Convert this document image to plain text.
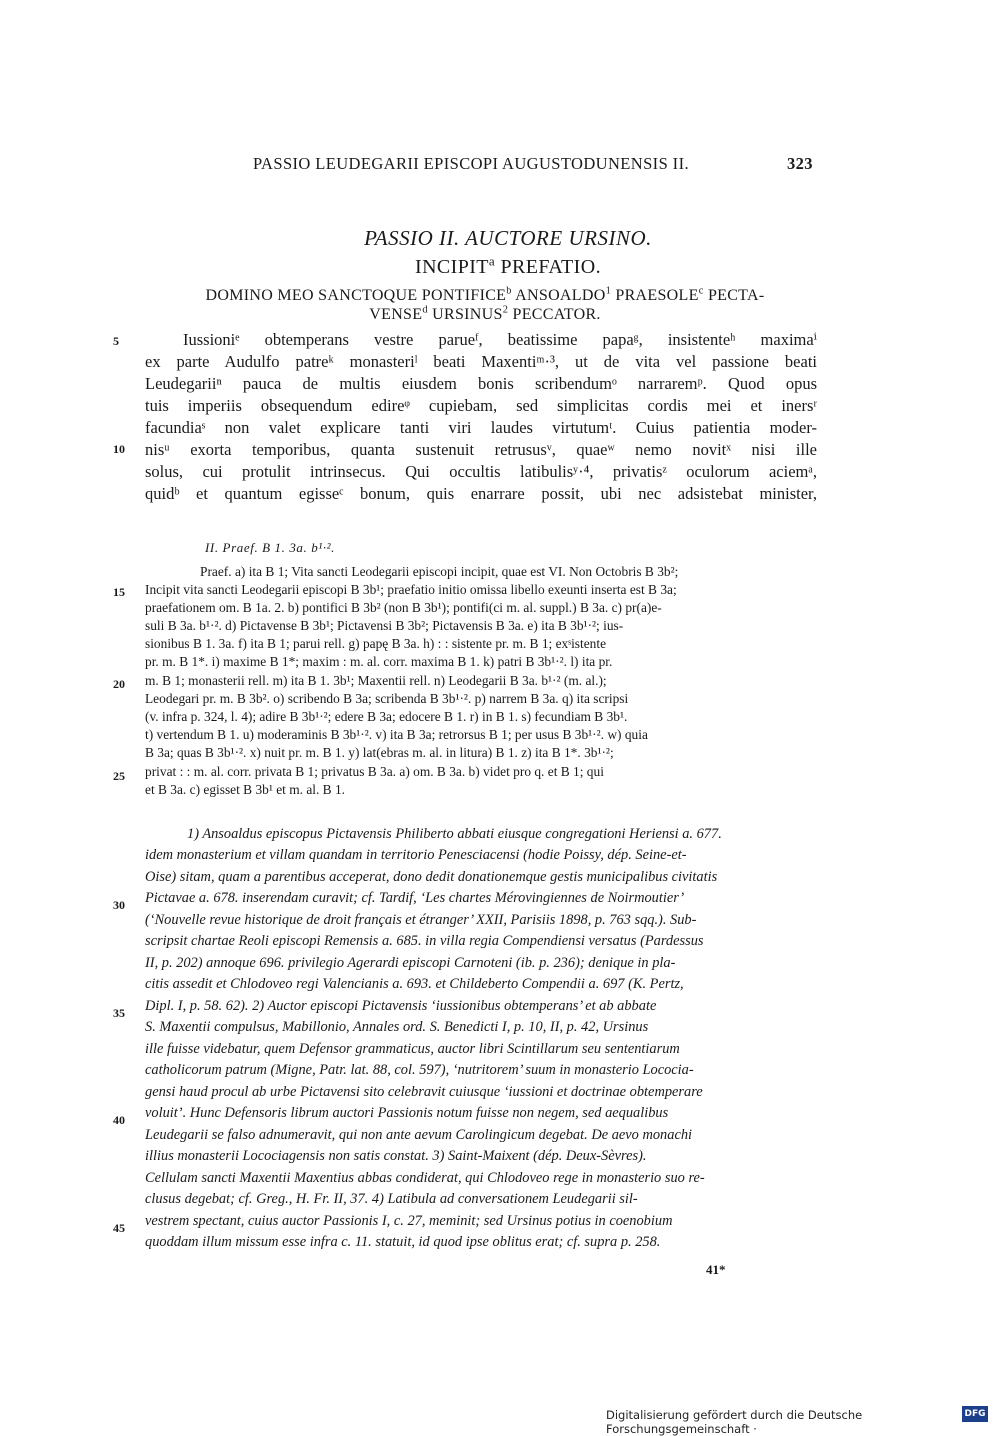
PASSIO LEUDEGARII EPISCOPI AUGUSTODUNENSIS II.	323
PASSIO II. AUCTORE URSINO.
INCIPIT$^a$ PREFATIO.
DOMINO MEO SANCTOQUE PONTIFICE$^b$ ANSOALDO$^1$ PRAESOLE$^c$ PECTA-
VENSE$^d$ URSINUS$^2$ PECCATOR.
5
10
Iussioniᵉ obtemperans vestre parueᶠ, beatissime papaᵍ, insistenteʰ maximaⁱ
ex parte Audulfo patreᵏ monasteriˡ beati Maxentiᵐ·³, ut de vita vel passione beati
Leudegariiⁿ pauca de multis eiusdem bonis scribendumᵒ narraremᵖ. Quod opus
tuis imperiis obsequendum edireᵠ cupiebam, sed simplicitas cordis mei et inersʳ
facundiaˢ non valet explicare tanti viri laudes virtutumᵗ. Cuius patientia moder-
nisᵘ exorta temporibus, quanta sustenuit retrususᵛ, quaeʷ nemo novitˣ nisi ille
solus, cui protulit intrinsecus. Qui occultis latibulisʸ·⁴, privatisᶻ oculorum aciemᵃ,
quidᵇ et quantum egisseᶜ bonum, quis enarrare possit, ubi nec adsistebat minister,
II. Praef. B 1. 3a. b¹·².
15
20
25
Praef. a) ita B 1; Vita sancti Leodegarii episcopi incipit, quae est VI. Non Octobris B 3b²;
Incipit vita sancti Leodegarii episcopi B 3b¹; praefatio initio omissa libello exeunti inserta est B 3a;
praefationem om. B 1a. 2. b) pontifici B 3b² (non B 3b¹); pontifi(ci m. al. suppl.) B 3a. c) pr(a)e-
suli B 3a. b¹·². d) Pictavense B 3b¹; Pictavensi B 3b²; Pictavensis B 3a. e) ita B 3b¹·²; ius-
sionibus B 1. 3a. f) ita B 1; parui rell. g) papę B 3a. h) : : sistente pr. m. B 1; exˢistente
pr. m. B 1*. i) maxime B 1*; maxim : m. al. corr. maxima B 1. k) patri B 3b¹·². l) ita pr.
m. B 1; monasterii rell. m) ita B 1. 3b¹; Maxentii rell. n) Leodegarii B 3a. b¹·² (m. al.);
Leodegari pr. m. B 3b². o) scribendo B 3a; scribenda B 3b¹·². p) narrem B 3a. q) ita scripsi
(v. infra p. 324, l. 4); adire B 3b¹·²; edere B 3a; edocere B 1. r) in B 1. s) fecundiam B 3b¹.
t) vertendum B 1. u) moderaminis B 3b¹·². v) ita B 3a; retrorsus B 1; per usus B 3b¹·². w) quia
B 3a; quas B 3b¹·². x) nuit pr. m. B 1. y) lat(ebras m. al. in litura) B 1. z) ita B 1*. 3b¹·²;
privat : : m. al. corr. privata B 1; privatus B 3a. a) om. B 3a. b) videt pro q. et B 1; qui
et B 3a. c) egisset B 3b¹ et m. al. B 1.
30
35
40
45
1) Ansoaldus episcopus Pictavensis Philiberto abbati eiusque congregationi Heriensi a. 677.
idem monasterium et villam quandam in territorio Penesciacensi (hodie Poissy, dép. Seine-et-
Oise) sitam, quam a parentibus acceperat, dono dedit donationemque gestis municipalibus civitatis
Pictavae a. 678. inserendam curavit; cf. Tardif, ‘Les chartes Mérovingiennes de Noirmoutier’
(‘Nouvelle revue historique de droit français et étranger’ XXII, Parisiis 1898, p. 763 sqq.). Sub-
scripsit chartae Reoli episcopi Remensis a. 685. in villa regia Compendiensi versatus (Pardessus
II, p. 202) annoque 696. privilegio Agerardi episcopi Carnoteni (ib. p. 236); denique in pla-
citis assedit et Chlodoveo regi Valencianis a. 693. et Childeberto Compendii a. 697 (K. Pertz,
Dipl. I, p. 58. 62). 2) Auctor episcopi Pictavensis ‘iussionibus obtemperans’ et ab abbate
S. Maxentii compulsus, Mabillonio, Annales ord. S. Benedicti I, p. 10, II, p. 42, Ursinus
ille fuisse videbatur, quem Defensor grammaticus, auctor libri Scintillarum seu sententiarum
catholicorum patrum (Migne, Patr. lat. 88, col. 597), ‘nutritorem’ suum in monasterio Lococia-
gensi haud procul ab urbe Pictavensi sito celebravit cuiusque ‘iussioni et doctrinae obtemperare
voluit’. Hunc Defensoris librum auctori Passionis notum fuisse non negem, sed aequalibus
Leudegarii se falso adnumeravit, qui non ante aevum Carolingicum degebat. De aevo monachi
illius monasterii Locociagensis non satis constat. 3) Saint-Maixent (dép. Deux-Sèvres).
Cellulam sancti Maxentii Maxentius abbas condiderat, qui Chlodoveo rege in monasterio suo re-
clusus degebat; cf. Greg., H. Fr. II, 37. 4) Latibula ad conversationem Leudegarii sil-
vestrem spectant, cuius auctor Passionis I, c. 27, meminit; sed Ursinus potius in coenobium
quoddam illum missum esse infra c. 11. statuit, id quod ipse oblitus erat; cf. supra p. 258.
41*
Digitalisierung gefördert durch die Deutsche Forschungsgemeinschaft ·
DFG
